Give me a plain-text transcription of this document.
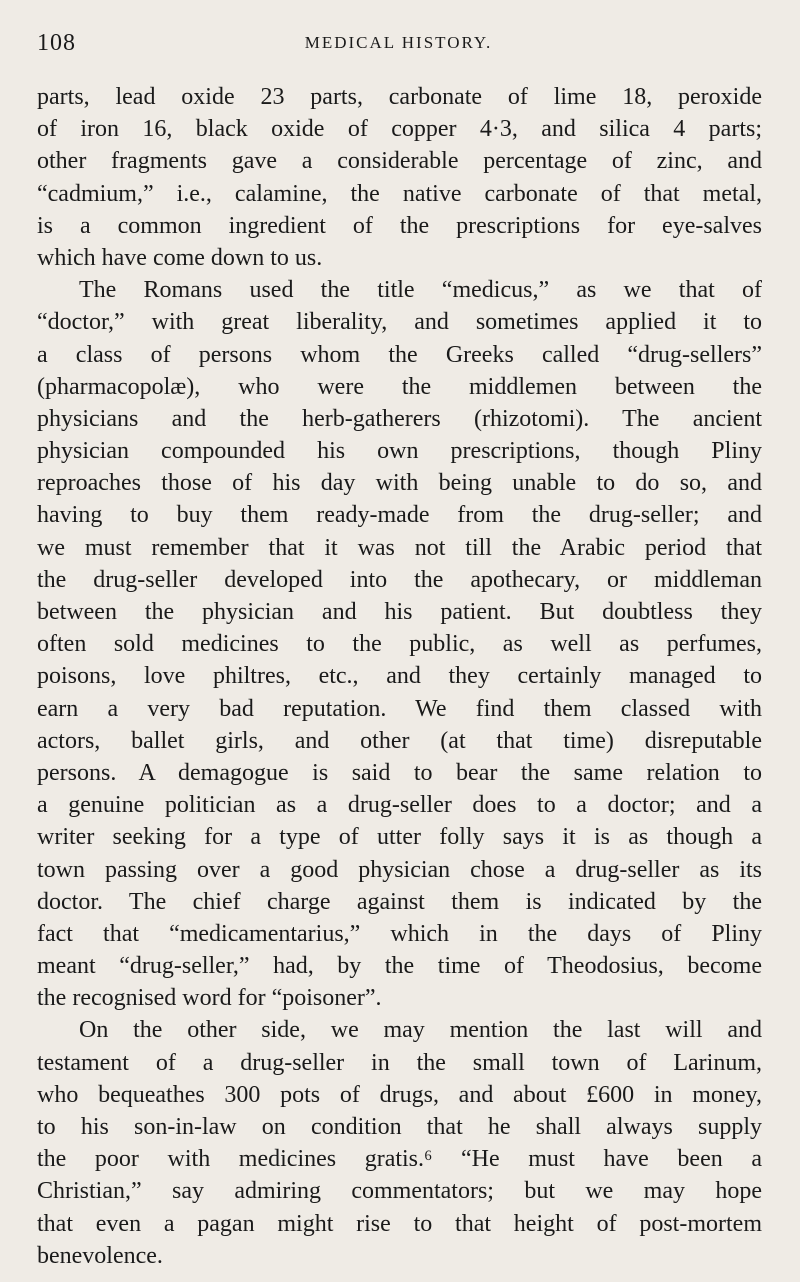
108	MEDICAL HISTORY.
parts, lead oxide 23 parts, carbonate of lime 18, peroxide
of iron 16, black oxide of copper 4·3, and silica 4 parts;
other fragments gave a considerable percentage of zinc, and
“cadmium,” i.e., calamine, the native carbonate of that metal,
is a common ingredient of the prescriptions for eye-salves
which have come down to us.
The Romans used the title “medicus,” as we that of
“doctor,” with great liberality, and sometimes applied it to
a class of persons whom the Greeks called “drug-sellers”
(pharmacopolæ), who were the middlemen between the
physicians and the herb-gatherers (rhizotomi). The ancient
physician compounded his own prescriptions, though Pliny
reproaches those of his day with being unable to do so, and
having to buy them ready-made from the drug-seller; and
we must remember that it was not till the Arabic period that
the drug-seller developed into the apothecary, or middleman
between the physician and his patient. But doubtless they
often sold medicines to the public, as well as perfumes,
poisons, love philtres, etc., and they certainly managed to
earn a very bad reputation. We find them classed with
actors, ballet girls, and other (at that time) disreputable
persons. A demagogue is said to bear the same relation to
a genuine politician as a drug-seller does to a doctor; and a
writer seeking for a type of utter folly says it is as though a
town passing over a good physician chose a drug-seller as its
doctor. The chief charge against them is indicated by the
fact that “medicamentarius,” which in the days of Pliny
meant “drug-seller,” had, by the time of Theodosius, become
the recognised word for “poisoner”.
On the other side, we may mention the last will and
testament of a drug-seller in the small town of Larinum,
who bequeathes 300 pots of drugs, and about £600 in money,
to his son-in-law on condition that he shall always supply
the poor with medicines gratis.⁶ “He must have been a
Christian,” say admiring commentators; but we may hope
that even a pagan might rise to that height of post-mortem
benevolence.
